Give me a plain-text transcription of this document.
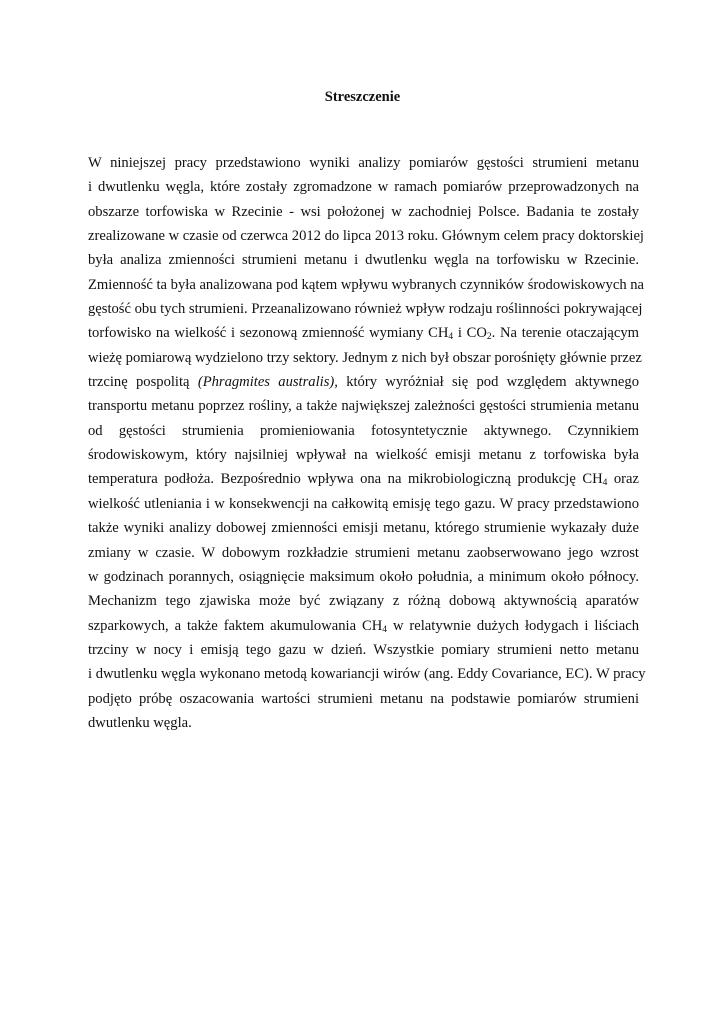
Streszczenie
W niniejszej pracy przedstawiono wyniki analizy pomiarów gęstości strumieni metanu
i dwutlenku węgla, które zostały zgromadzone w ramach pomiarów przeprowadzonych na
obszarze torfowiska w Rzecinie - wsi położonej w zachodniej Polsce. Badania te zostały
zrealizowane w czasie od czerwca 2012 do lipca 2013 roku. Głównym celem pracy doktorskiej
była analiza zmienności strumieni metanu i dwutlenku węgla na torfowisku w Rzecinie.
Zmienność ta była analizowana pod kątem wpływu wybranych czynników środowiskowych na
gęstość obu tych strumieni. Przeanalizowano również wpływ rodzaju roślinności pokrywającej
torfowisko na wielkość i sezonową zmienność wymiany $CH_4$ i $CO_2$. Na terenie otaczającym
wieżę pomiarową wydzielono trzy sektory. Jednym z nich był obszar porośnięty głównie przez
trzcinę pospolitą (Phragmites australis), który wyróżniał się pod względem aktywnego
transportu metanu poprzez rośliny, a także największej zależności gęstości strumienia metanu
od gęstości strumienia promieniowania fotosyntetycznie aktywnego. Czynnikiem
środowiskowym, który najsilniej wpływał na wielkość emisji metanu z torfowiska była
temperatura podłoża. Bezpośrednio wpływa ona na mikrobiologiczną produkcję $CH_4$ oraz
wielkość utleniania i w konsekwencji na całkowitą emisję tego gazu. W pracy przedstawiono
także wyniki analizy dobowej zmienności emisji metanu, którego strumienie wykazały duże
zmiany w czasie. W dobowym rozkładzie strumieni metanu zaobserwowano jego wzrost
w godzinach porannych, osiągnięcie maksimum około południa, a minimum około północy.
Mechanizm tego zjawiska może być związany z różną dobową aktywnością aparatów
szparkowych, a także faktem akumulowania $CH_4$ w relatywnie dużych łodygach i liściach
trzciny w nocy i emisją tego gazu w dzień. Wszystkie pomiary strumieni netto metanu
i dwutlenku węgla wykonano metodą kowariancji wirów (ang. Eddy Covariance, EC). W pracy
podjęto próbę oszacowania wartości strumieni metanu na podstawie pomiarów strumieni
dwutlenku węgla.
